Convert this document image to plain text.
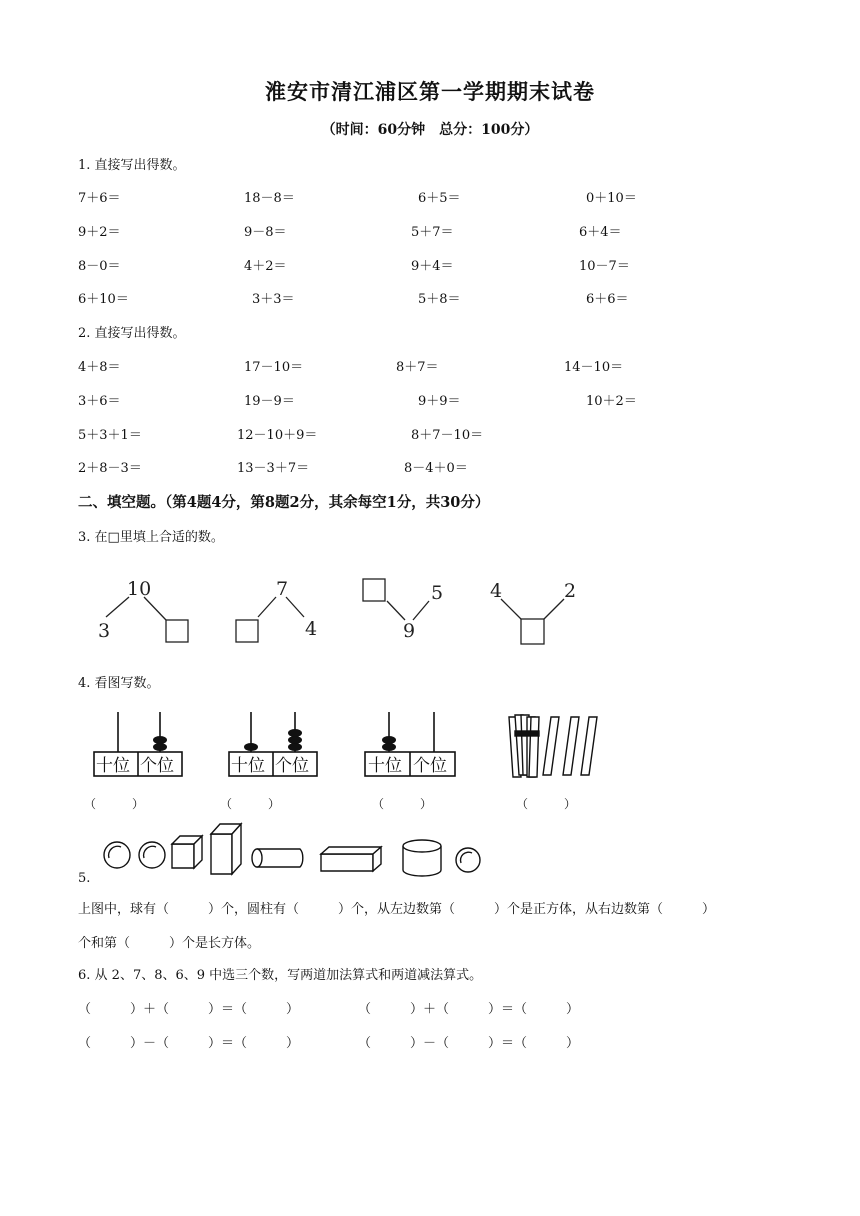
淮安市清江浦区第一学期期末试卷
（时间：60分钟　总分：100分）
1. 直接写出得数。
7＋6＝	18－8＝	6＋5＝	0＋10＝
9＋2＝	9－8＝	5＋7＝	6＋4＝
8－0＝	4＋2＝	9＋4＝	10－7＝
6＋10＝	3＋3＝	5＋8＝	6＋6＝
2. 直接写出得数。
4＋8＝	17－10＝	8＋7＝	14－10＝
3＋6＝	19－9＝	9＋9＝	10＋2＝
5＋3＋1＝	12－10＋9＝	8＋7－10＝
2＋8－3＝	13－3＋7＝	8－4＋0＝
二、填空题。（第4题4分，第8题2分，其余每空1分，共30分）
3. 在□里填上合适的数。
10
3
7
4	9
5 4	2
4. 看图写数。
十位 个位	十位 个位	十位 个位
（　　　）	（　　　）	（　　　）	（　　　）
5.
上图中，球有（　　　）个，圆柱有（　　　）个，从左边数第（　　　）个是正方体，从右边数第（　　　）
个和第（　　　）个是长方体。
6. 从 2、7、8、6、9 中选三个数，写两道加法算式和两道减法算式。
（　　　）＋（　　　）＝（　　　）	（　　　）＋（　　　）＝（　　　）
（　　　）－（　　　）＝（　　　）	（　　　）－（　　　）＝（　　　）
